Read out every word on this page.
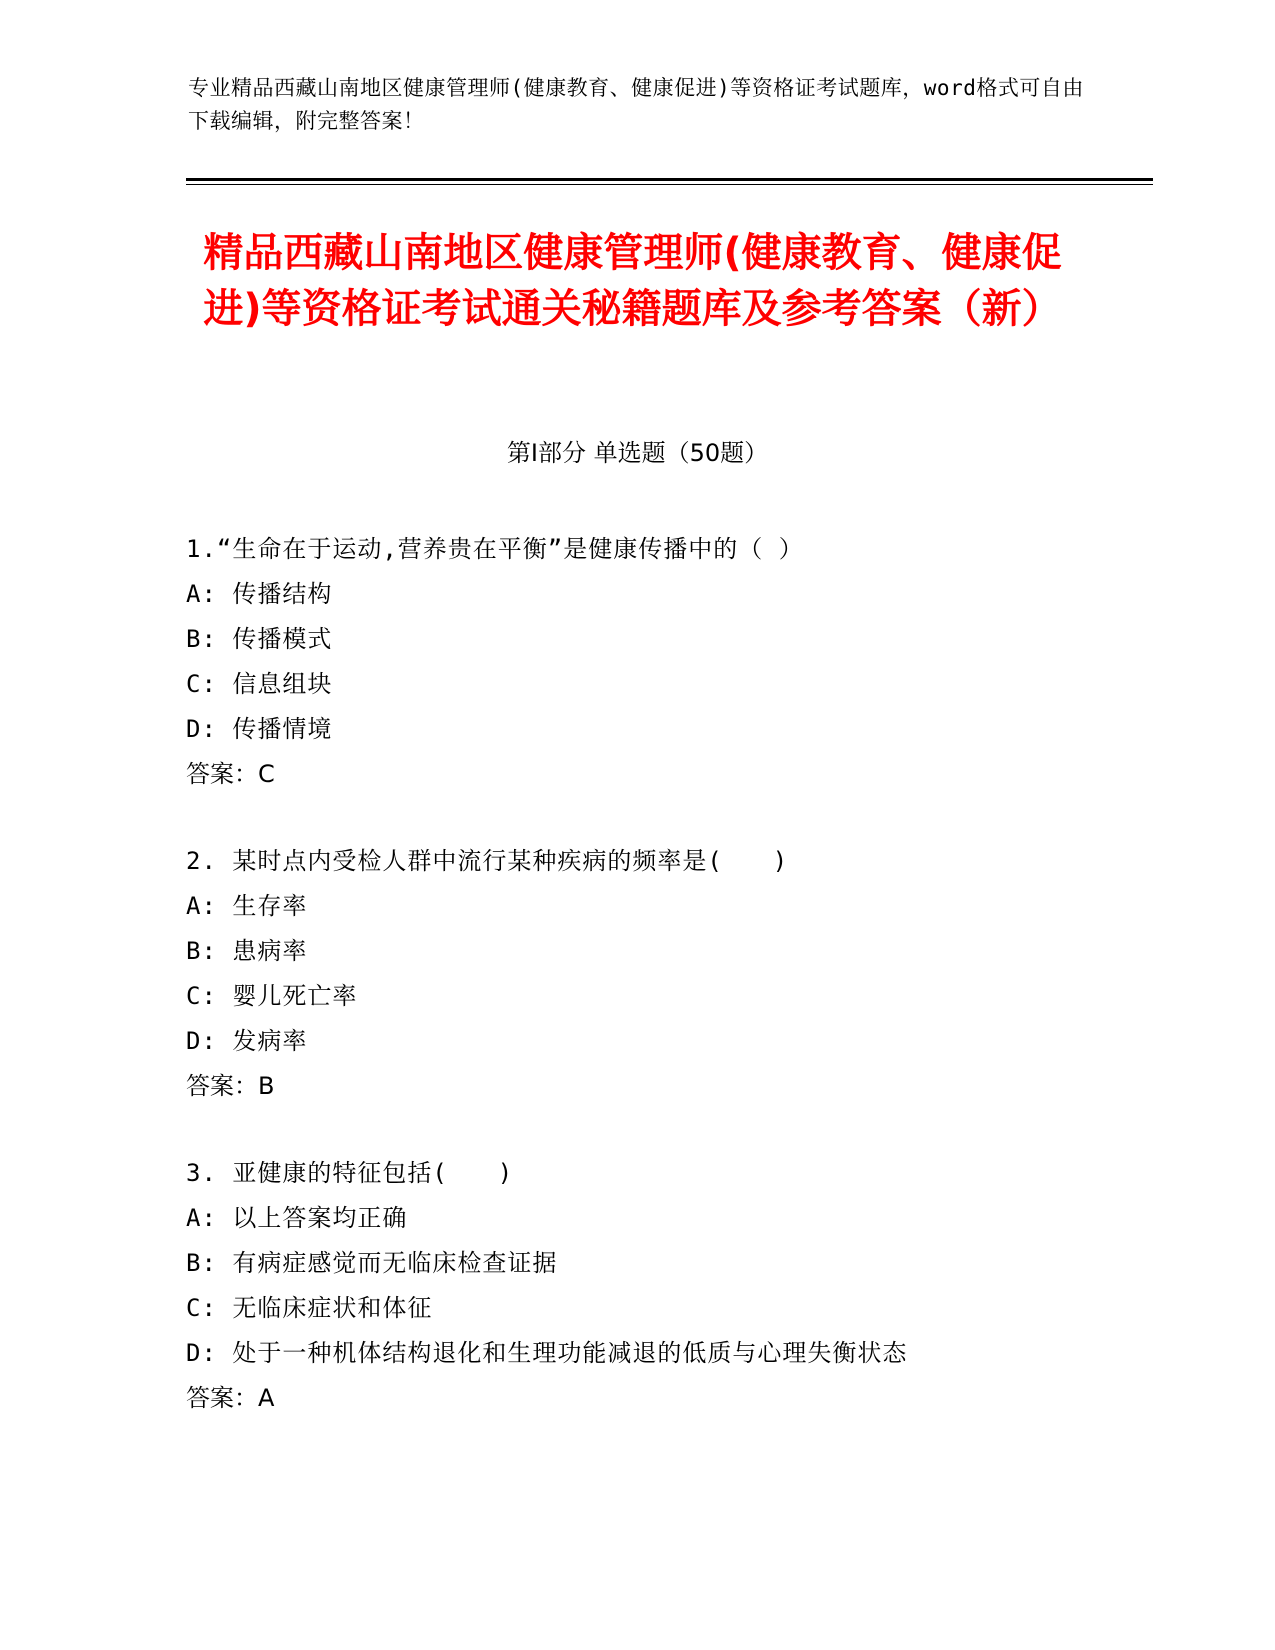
专业精品西藏山南地区健康管理师(健康教育、健康促进)等资格证考试题库，word格式可自由下载编辑，附完整答案！
精品西藏山南地区健康管理师(健康教育、健康促进)等资格证考试通关秘籍题库及参考答案（新）
第Ⅰ部分 单选题（50题）
1.“生命在于运动,营养贵在平衡”是健康传播中的（ ）
A: 传播结构
B: 传播模式
C: 信息组块
D: 传播情境
答案：C
2. 某时点内受检人群中流行某种疾病的频率是(　　)
A: 生存率
B: 患病率
C: 婴儿死亡率
D: 发病率
答案：B
3. 亚健康的特征包括(　　)
A: 以上答案均正确
B: 有病症感觉而无临床检查证据
C: 无临床症状和体征
D: 处于一种机体结构退化和生理功能减退的低质与心理失衡状态
答案：A
